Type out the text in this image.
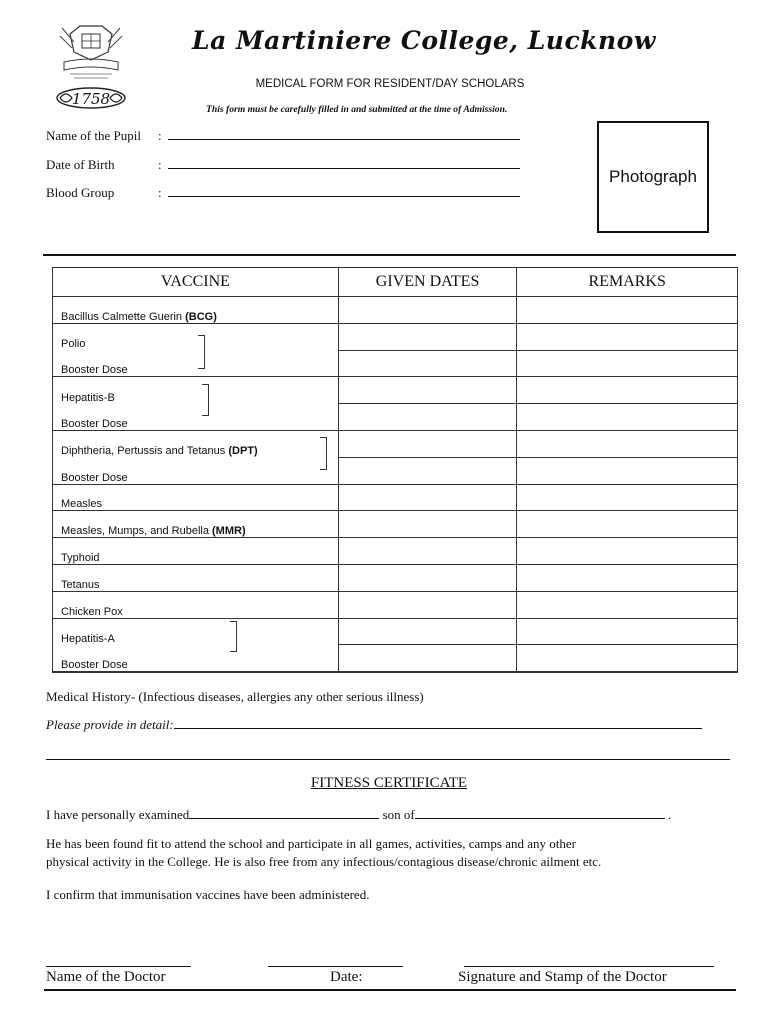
1758
La Martiniere College, Lucknow
MEDICAL FORM FOR RESIDENT/DAY SCHOLARS
This form must be carefully filled in and submitted at the time of Admission.
Name of the Pupil :
Date of Birth	:
Blood Group	:
Photograph
VACCINE	GIVEN DATES	REMARKS
Bacillus Calmette Guerin (BCG)		
Polio		
Booster Dose		
Hepatitis-B		
Booster Dose		
Diphtheria, Pertussis and Tetanus (DPT)		
Booster Dose		
Measles		
Measles, Mumps, and Rubella (MMR)		
Typhoid		
Tetanus		
Chicken Pox		
Hepatitis-A		
Booster Dose		
Medical History- (Infectious diseases, allergies any other serious illness)
Please provide in detail:
FITNESS CERTIFICATE
I have personally examined	son of	.
He has been found fit to attend the school and participate in all games, activities, camps and any other
physical activity in the College. He is also free from any infectious/contagious disease/chronic ailment etc.
I confirm that immunisation vaccines have been administered.
Name of the Doctor	Date:	Signature and Stamp of the Doctor
